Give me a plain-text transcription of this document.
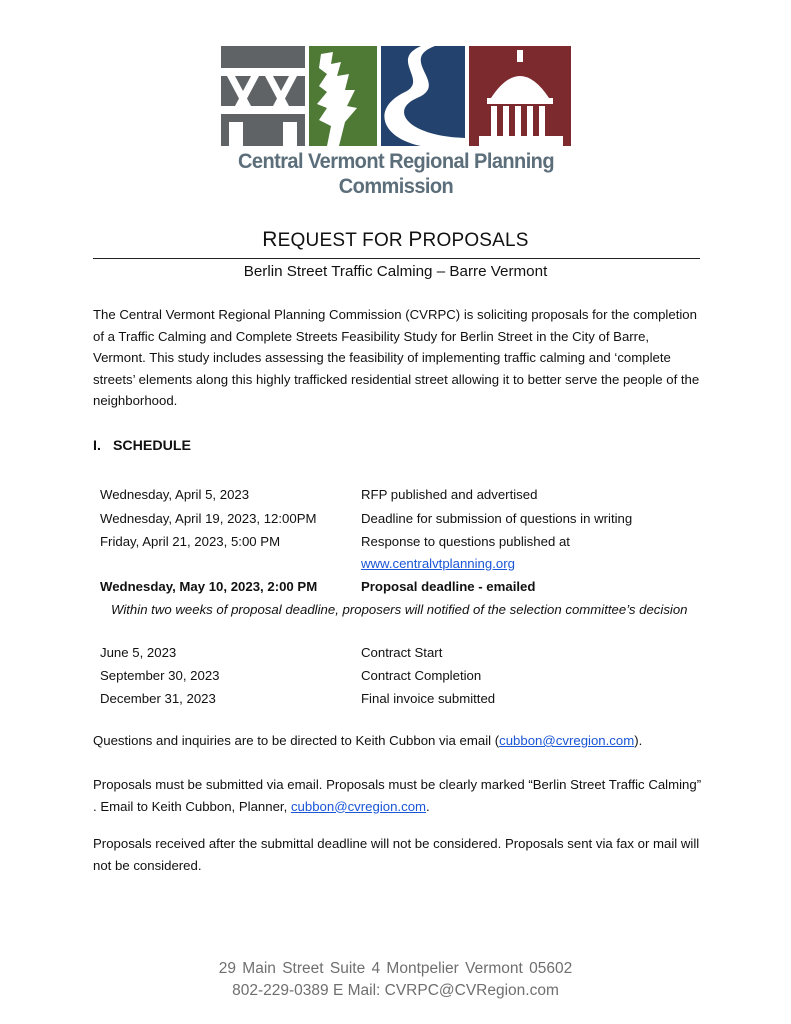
Central Vermont Regional Planning Commission
REQUEST FOR PROPOSALS
Berlin Street Traffic Calming – Barre Vermont
The Central Vermont Regional Planning Commission (CVRPC) is soliciting proposals for the completion of a Traffic Calming and Complete Streets Feasibility Study for Berlin Street in the City of Barre, Vermont. This study includes assessing the feasibility of implementing traffic calming and ‘complete streets’ elements along this highly trafficked residential street allowing it to better serve the people of the neighborhood.
I. SCHEDULE
Wednesday, April 5, 2023	RFP published and advertised
Wednesday, April 19, 2023, 12:00PM	Deadline for submission of questions in writing
Friday, April 21, 2023, 5:00 PM	Response to questions published at
www.centralvtplanning.org
Wednesday, May 10, 2023, 2:00 PM	Proposal deadline - emailed
Within two weeks of proposal deadline, proposers will notified of the selection committee’s decision
June 5, 2023	Contract Start
September 30, 2023	Contract Completion
December 31, 2023	Final invoice submitted
Questions and inquiries are to be directed to Keith Cubbon via email (cubbon@cvregion.com).
Proposals must be submitted via email. Proposals must be clearly marked “Berlin Street Traffic Calming” . Email to Keith Cubbon, Planner, cubbon@cvregion.com.
Proposals received after the submittal deadline will not be considered. Proposals sent via fax or mail will not be considered.
29 Main Street Suite 4 Montpelier Vermont 05602
802-229-0389 E Mail: CVRPC@CVRegion.com
